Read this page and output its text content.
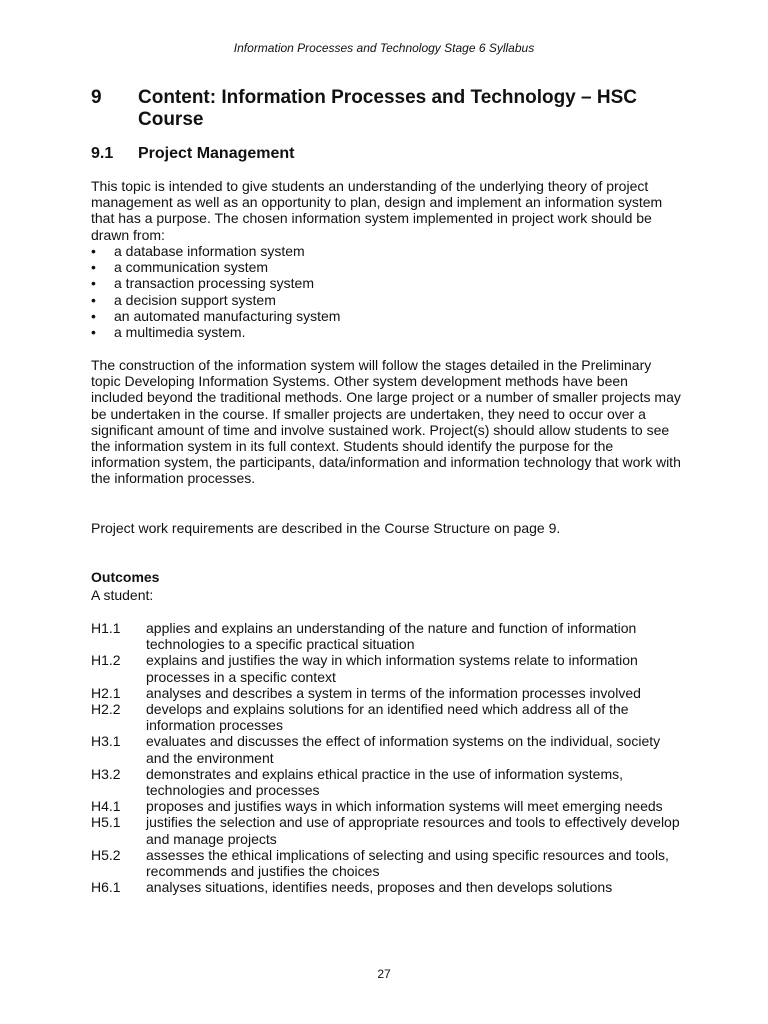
Information Processes and Technology Stage 6 Syllabus
9 Content: Information Processes and Technology – HSC Course
9.1 Project Management

This topic is intended to give students an understanding of the underlying theory of project management as well as an opportunity to plan, design and implement an information system that has a purpose. The chosen information system implemented in project work should be drawn from:

• a database information system
• a communication system
• a transaction processing system
• a decision support system
• an automated manufacturing system
• a multimedia system.

The construction of the information system will follow the stages detailed in the Preliminary topic Developing Information Systems. Other system development methods have been included beyond the traditional methods. One large project or a number of smaller projects may be undertaken in the course. If smaller projects are undertaken, they need to occur over a significant amount of time and involve sustained work. Project(s) should allow students to see the information system in its full context. Students should identify the purpose for the information system, the participants, data/information and information technology that work with the information processes.

Project work requirements are described in the Course Structure on page 9.

Outcomes
A student:
H1.1 applies and explains an understanding of the nature and function of information technologies to a specific practical situation
H1.2 explains and justifies the way in which information systems relate to information processes in a specific context
H2.1 analyses and describes a system in terms of the information processes involved
H2.2 develops and explains solutions for an identified need which address all of the information processes
H3.1 evaluates and discusses the effect of information systems on the individual, society and the environment
H3.2 demonstrates and explains ethical practice in the use of information systems, technologies and processes
H4.1 proposes and justifies ways in which information systems will meet emerging needs
H5.1 justifies the selection and use of appropriate resources and tools to effectively develop and manage projects
H5.2 assesses the ethical implications of selecting and using specific resources and tools, recommends and justifies the choices
H6.1 analyses situations, identifies needs, proposes and then develops solutions
27
